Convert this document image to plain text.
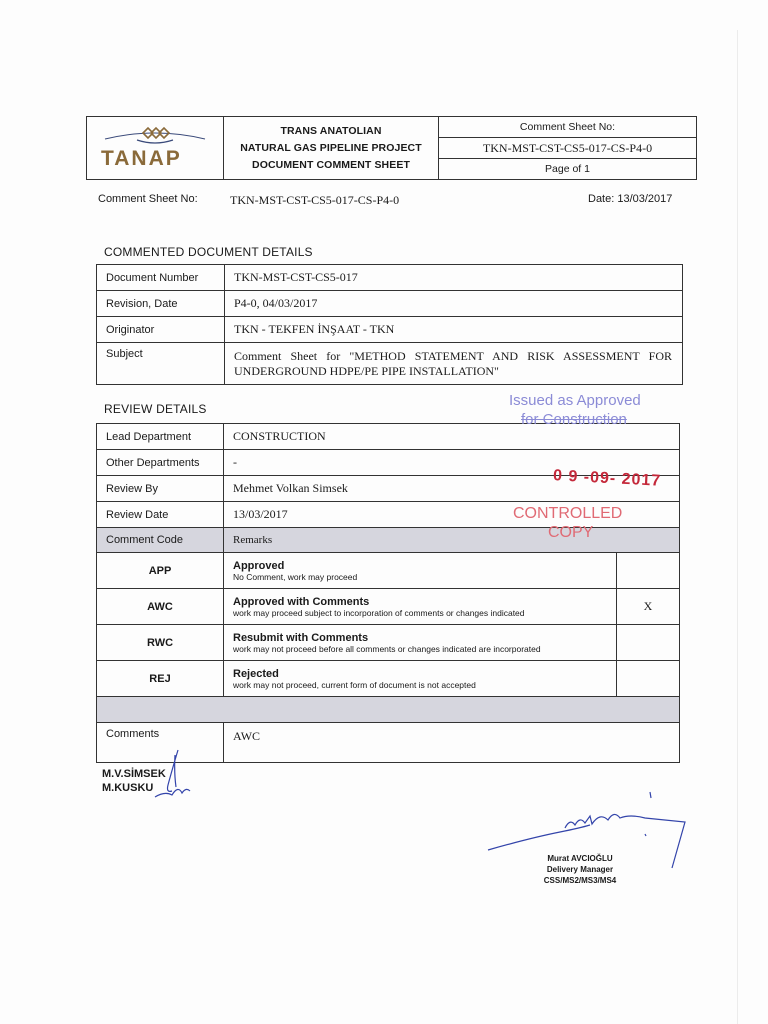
TANAP
TRANS ANATOLIAN
NATURAL GAS PIPELINE PROJECT
DOCUMENT COMMENT SHEET
Comment Sheet No:
TKN-MST-CST-CS5-017-CS-P4-0
Page of 1
Comment Sheet No:	TKN-MST-CST-CS5-017-CS-P4-0	Date: 13/03/2017
COMMENTED DOCUMENT DETAILS
Document Number	TKN-MST-CST-CS5-017
Revision, Date	P4-0, 04/03/2017
Originator	TKN - TEKFEN İNŞAAT - TKN
Subject	Comment Sheet for "METHOD STATEMENT AND RISK ASSESSMENT FOR UNDERGROUND HDPE/PE PIPE INSTALLATION"
REVIEW DETAILS
Lead Department	CONSTRUCTION	
Other Departments	-	
Review By	Mehmet Volkan Simsek	
Review Date	13/03/2017	
Comment Code	Remarks	
APP	Approved
No Comment, work may proceed	

AWC	Approved with Comments
work may proceed subject to incorporation of comments or changes indicated	X
RWC	Resubmit with Comments
work may not proceed before all comments or changes indicated are incorporated	

REJ	Rejected
work may not proceed, current form of document is not accepted	

Comments	AWC	
Issued as Approved
for Construction
0 9 -09- 2017
CONTROLLED
COPY
M.V.SİMSEK
M.KUSKU
Murat AVCIOĞLU
Delivery Manager
CSS/MS2/MS3/MS4
